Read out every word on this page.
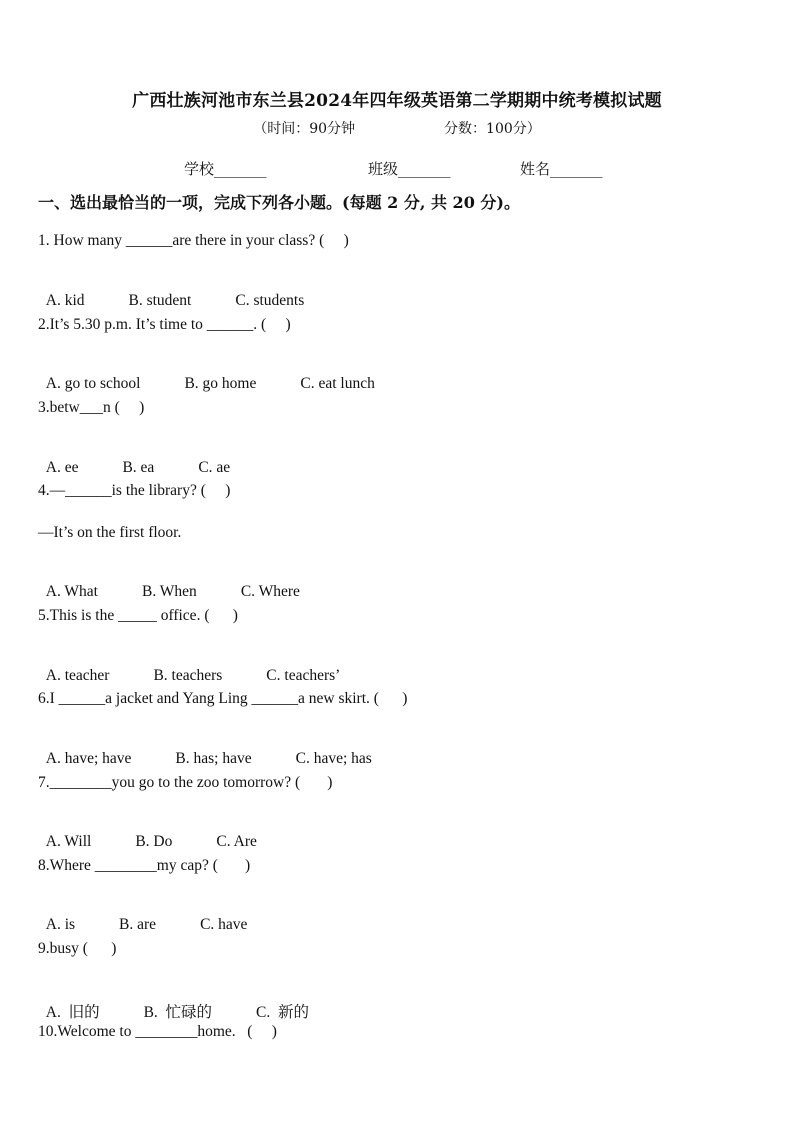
广西壮族河池市东兰县2024年四年级英语第二学期期中统考模拟试题
（时间：90分钟	分数：100分）
学校_______	班级_______	姓名_______
一、选出最恰当的一项，完成下列各小题。(每题 2 分, 共 20 分)。
1. How many ______are there in your class? (     )

A. kid	B. student	C. students

2.It’s 5.30 p.m. It’s time to ______. (     )

A. go to school	B. go home	C. eat lunch

3.betw___n (     )

A. ee	B. ea	C. ae

4.—______is the library? (     )
—It’s on the first floor.

A. What	B. When	C. Where

5.This is the _____ office. (      )

A. teacher	B. teachers	C. teachers’

6.I ______a jacket and Yang Ling ______a new skirt. (      )

A. have; have	B. has; have	C. have; has

7.________you go to the zoo tomorrow? (       )

A. Will	B. Do	C. Are

8.Where ________my cap? (       )

A. is	B. are	C. have

9.busy (      )

A.  旧的	B.  忙碌的	C.  新的

10.Welcome to ________home.   (     )
